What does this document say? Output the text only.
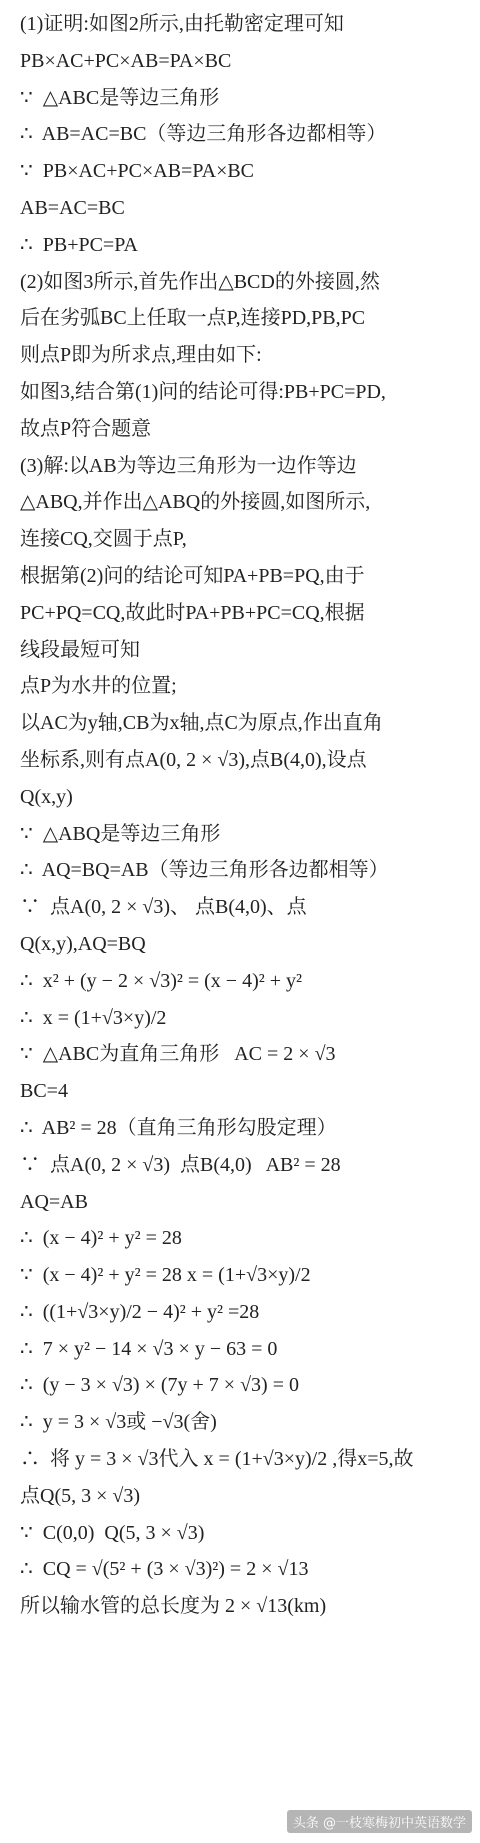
(1)证明:如图2所示,由托勒密定理可知
PB×AC+PC×AB=PA×BC
∵  △ABC是等边三角形
∴  AB=AC=BC（等边三角形各边都相等）
∵  PB×AC+PC×AB=PA×BC
AB=AC=BC
∴  PB+PC=PA
(2)如图3所示,首先作出△BCD的外接圆,然
后在劣弧BC上任取一点P,连接PD,PB,PC
则点P即为所求点,理由如下:
如图3,结合第(1)问的结论可得:PB+PC=PD,
故点P符合题意
(3)解:以AB为等边三角形为一边作等边
△ABQ,并作出△ABQ的外接圆,如图所示,
连接CQ,交圆于点P,
根据第(2)问的结论可知PA+PB=PQ,由于
PC+PQ=CQ,故此时PA+PB+PC=CQ,根据
线段最短可知
点P为水井的位置;
以AC为y轴,CB为x轴,点C为原点,作出直角
坐标系,则有点A(0, 2 × √3),点B(4,0),设点
Q(x,y)
∵  △ABQ是等边三角形
∴  AQ=BQ=AB（等边三角形各边都相等）
∵  点A(0, 2 × √3)、 点B(4,0)、点
Q(x,y),AQ=BQ
∴  x² + (y − 2 × √3)² = (x − 4)² + y²
∴  x = (1+√3×y)/2
∵  △ABC为直角三角形   AC = 2 × √3
BC=4
∴  AB² = 28（直角三角形勾股定理）
∵  点A(0, 2 × √3)  点B(4,0)   AB² = 28
AQ=AB
∴  (x − 4)² + y² = 28
∵  (x − 4)² + y² = 28 x = (1+√3×y)/2
∴  ((1+√3×y)/2 − 4)² + y² =28
∴  7 × y² − 14 × √3 × y − 63 = 0
∴  (y − 3 × √3) × (7y + 7 × √3) = 0
∴  y = 3 × √3或 −√3(舍)
∴  将 y = 3 × √3代入 x = (1+√3×y)/2 ,得x=5,故
点Q(5, 3 × √3)
∵  C(0,0)  Q(5, 3 × √3)
∴  CQ = √(5² + (3 × √3)²) = 2 × √13
所以输水管的总长度为 2 × √13(km)
头条 @一枝寒梅初中英语数学
